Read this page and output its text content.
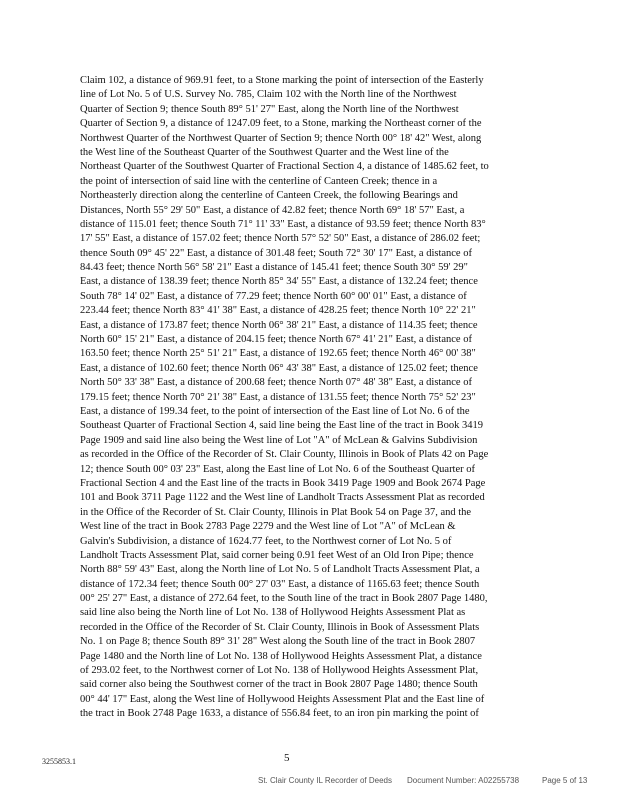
Claim 102, a distance of 969.91 feet, to a Stone marking the point of intersection of the Easterly
line of Lot No. 5 of U.S. Survey No. 785, Claim 102 with the North line of the Northwest
Quarter of Section 9; thence South 89° 51' 27" East, along the North line of the Northwest
Quarter of Section 9, a distance of 1247.09 feet, to a Stone, marking the Northeast corner of the
Northwest Quarter of the Northwest Quarter of Section 9; thence North 00° 18' 42" West, along
the West line of the Southeast Quarter of the Southwest Quarter and the West line of the
Northeast Quarter of the Southwest Quarter of Fractional Section 4, a distance of 1485.62 feet, to
the point of intersection of said line with the centerline of Canteen Creek; thence in a
Northeasterly direction along the centerline of Canteen Creek, the following Bearings and
Distances, North 55° 29' 50" East, a distance of 42.82 feet; thence North 69° 18' 57" East, a
distance of 115.01 feet; thence South 71° 11' 33" East, a distance of 93.59 feet; thence North 83°
17' 55" East, a distance of 157.02 feet; thence North 57° 52' 50" East, a distance of 286.02 feet;
thence South 09° 45' 22" East, a distance of 301.48 feet; South 72° 30' 17" East, a distance of
84.43 feet; thence North 56° 58' 21" East a distance of 145.41 feet; thence South 30° 59' 29"
East, a distance of 138.39 feet; thence North 85° 34' 55" East, a distance of 132.24 feet; thence
South 78° 14' 02" East, a distance of 77.29 feet; thence North 60° 00' 01" East, a distance of
223.44 feet; thence North 83° 41' 38" East, a distance of 428.25 feet; thence North 10° 22' 21"
East, a distance of 173.87 feet; thence North 06° 38' 21" East, a distance of 114.35 feet; thence
North 60° 15' 21" East, a distance of 204.15 feet; thence North 67° 41' 21" East, a distance of
163.50 feet; thence North 25° 51' 21" East, a distance of 192.65 feet; thence North 46° 00' 38"
East, a distance of 102.60 feet; thence North 06° 43' 38" East, a distance of 125.02 feet; thence
North 50° 33' 38" East, a distance of 200.68 feet; thence North 07° 48' 38" East, a distance of
179.15 feet; thence North 70° 21' 38" East, a distance of 131.55 feet; thence North 75° 52' 23"
East, a distance of 199.34 feet, to the point of intersection of the East line of Lot No. 6 of the
Southeast Quarter of Fractional Section 4, said line being the East line of the tract in Book 3419
Page 1909 and said line also being the West line of Lot "A" of McLean & Galvins Subdivision
as recorded in the Office of the Recorder of St. Clair County, Illinois in Book of Plats 42 on Page
12; thence South 00° 03' 23" East, along the East line of Lot No. 6 of the Southeast Quarter of
Fractional Section 4 and the East line of the tracts in Book 3419 Page 1909 and Book 2674 Page
101 and Book 3711 Page 1122 and the West line of Landholt Tracts Assessment Plat as recorded
in the Office of the Recorder of St. Clair County, Illinois in Plat Book 54 on Page 37, and the
West line of the tract in Book 2783 Page 2279 and the West line of Lot "A" of McLean &
Galvin's Subdivision, a distance of 1624.77 feet, to the Northwest corner of Lot No. 5 of
Landholt Tracts Assessment Plat, said corner being 0.91 feet West of an Old Iron Pipe; thence
North 88° 59' 43" East, along the North line of Lot No. 5 of Landholt Tracts Assessment Plat, a
distance of 172.34 feet; thence South 00° 27' 03" East, a distance of 1165.63 feet; thence South
00° 25' 27" East, a distance of 272.64 feet, to the South line of the tract in Book 2807 Page 1480,
said line also being the North line of Lot No. 138 of Hollywood Heights Assessment Plat as
recorded in the Office of the Recorder of St. Clair County, Illinois in Book of Assessment Plats
No. 1 on Page 8; thence South 89° 31' 28" West along the South line of the tract in Book 2807
Page 1480 and the North line of Lot No. 138 of Hollywood Heights Assessment Plat, a distance
of 293.02 feet, to the Northwest corner of Lot No. 138 of Hollywood Heights Assessment Plat,
said corner also being the Southwest corner of the tract in Book 2807 Page 1480; thence South
00° 44' 17" East, along the West line of Hollywood Heights Assessment Plat and the East line of
the tract in Book 2748 Page 1633, a distance of 556.84 feet, to an iron pin marking the point of
3255853.1	5
St. Clair County IL Recorder of Deeds Document Number: A02255738	Page 5 of 13
